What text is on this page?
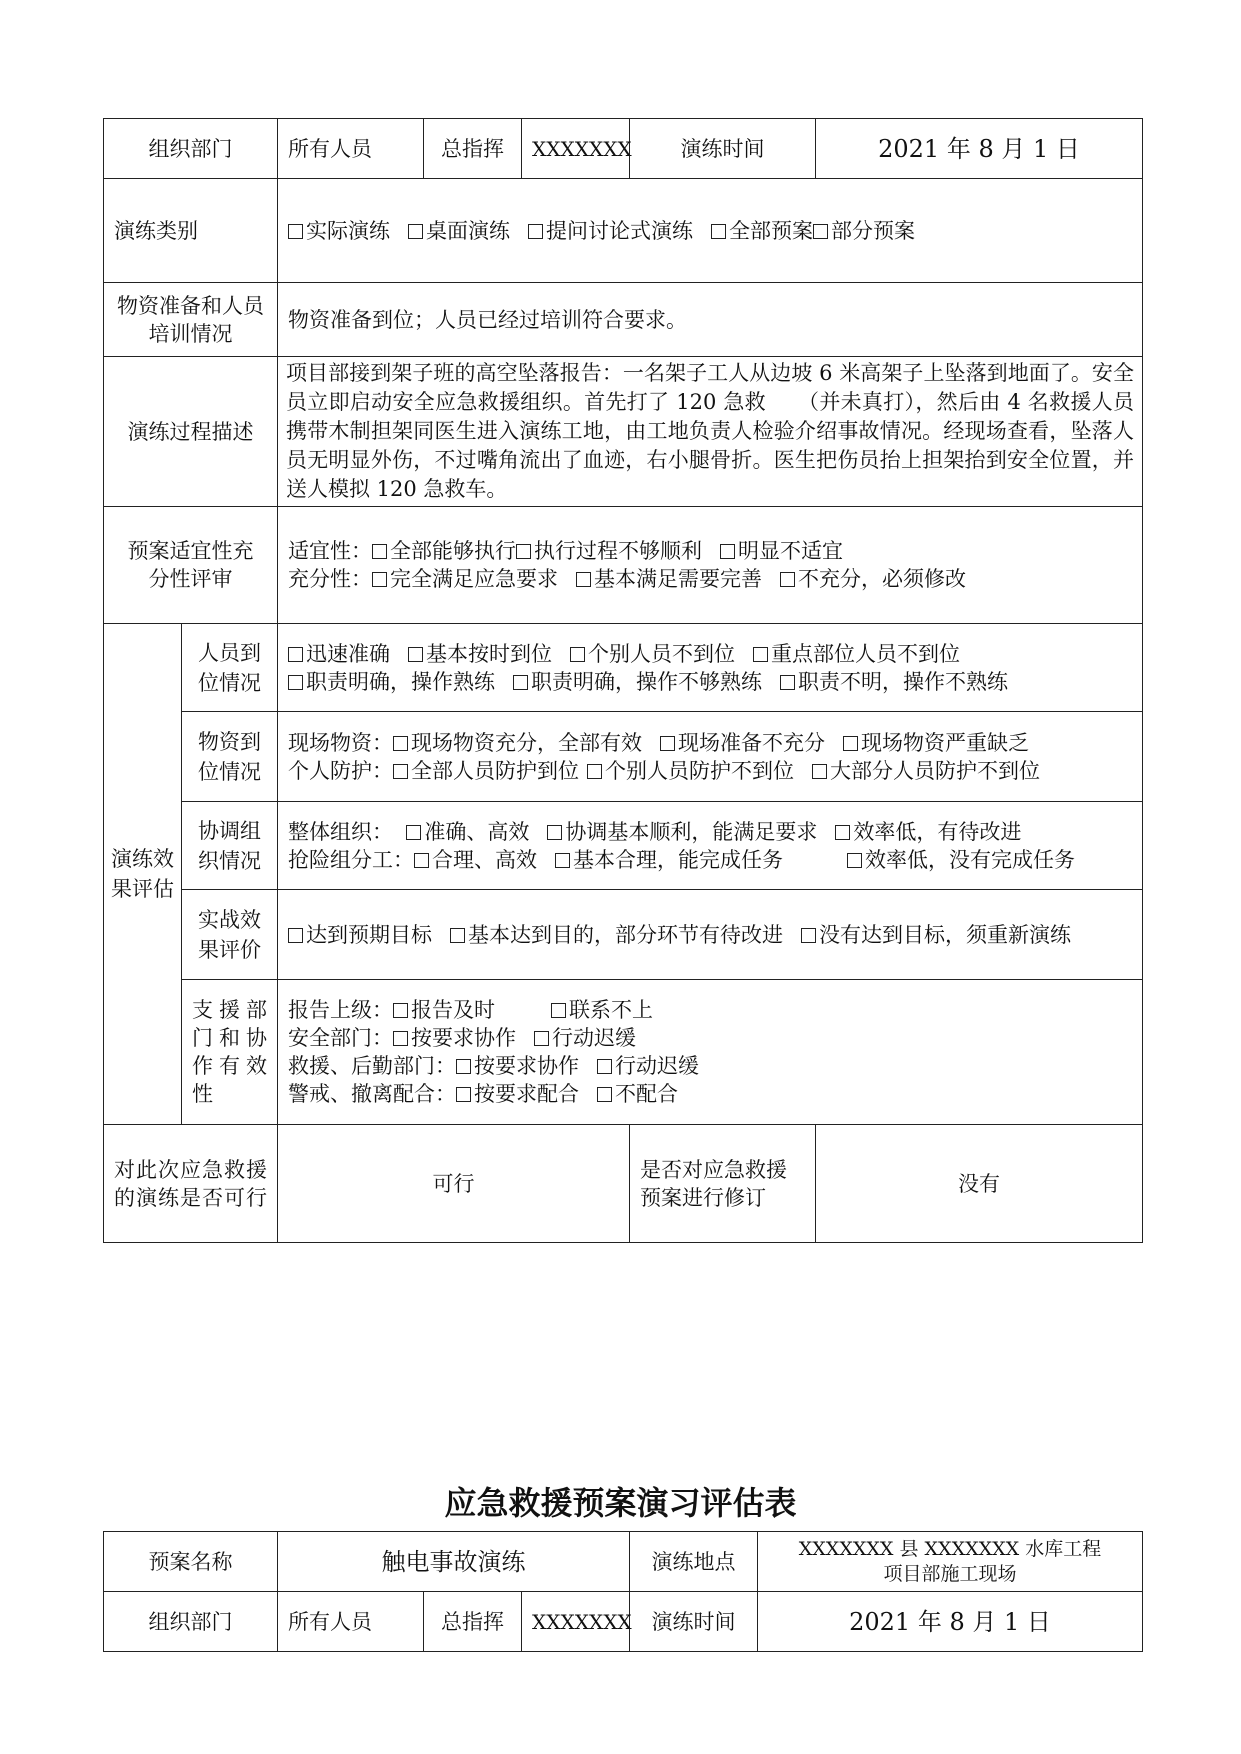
组织部门		所有人员	总指挥	XXXXXXX	演练时间	2021 年 8 月 1 日
演练类别		实际演练 桌面演练 提问讨论式演练 全部预案 部分预案				
物资准备和人员培训情况		物资准备到位；人员已经过培训符合要求。				
演练过程描述		项目部接到架子班的高空坠落报告：一名架子工人从边坡 6 米高架子上坠落到地面了。安全员立即启动安全应急救援组织。首先打了 120 急救　　（并未真打），然后由 4 名救援人员携带木制担架同医生进入演练工地，由工地负责人检验介绍事故情况。经现场查看，坠落人员无明显外伤，不过嘴角流出了血迹，右小腿骨折。医生把伤员抬上担架抬到安全位置，并送人模拟 120 急救车。				
预案适宜性充分性评审		适宜性： 全部能够执行 执行过程不够顺利 明显不适宜
充分性： 完全满足应急要求 基本满足需要完善 不充分，必须修改				

演练效果评估	人员到位情况	迅速准确 基本按时到位 个别人员不到位 重点部位人员不到位
职责明确，操作熟练 职责明确，操作不够熟练 职责不明，操作不熟练				

	物资到位情况	现场物资： 现场物资充分，全部有效 现场准备不充分 现场物资严重缺乏
个人防护： 全部人员防护到位 个别人员防护不到位 大部分人员防护不到位				

	协调组织情况	整体组织： 准确、高效 协调基本顺利，能满足要求 效率低，有待改进
抢险组分工： 合理、高效 基本合理，能完成任务 效率低，没有完成任务				

	实战效果评价	达到预期目标 基本达到目的，部分环节有待改进 没有达到目标，须重新演练				

	支援部门和协作有效性	报告上级： 报告及时 联系不上
安全部门： 按要求协作 行动迟缓
救援、后勤部门： 按要求协作 行动迟缓
警戒、撤离配合： 按要求配合 不配合				

对此次应急救援的演练是否可行		可行			是否对应急救援预案进行修订	没有
应急救援预案演习评估表
预案名称	触电事故演练			演练地点	XXXXXXX 县 XXXXXXX 水库工程
项目部施工现场

组织部门	所有人员	总指挥	XXXXXXX	演练时间	2021 年 8 月 1 日
